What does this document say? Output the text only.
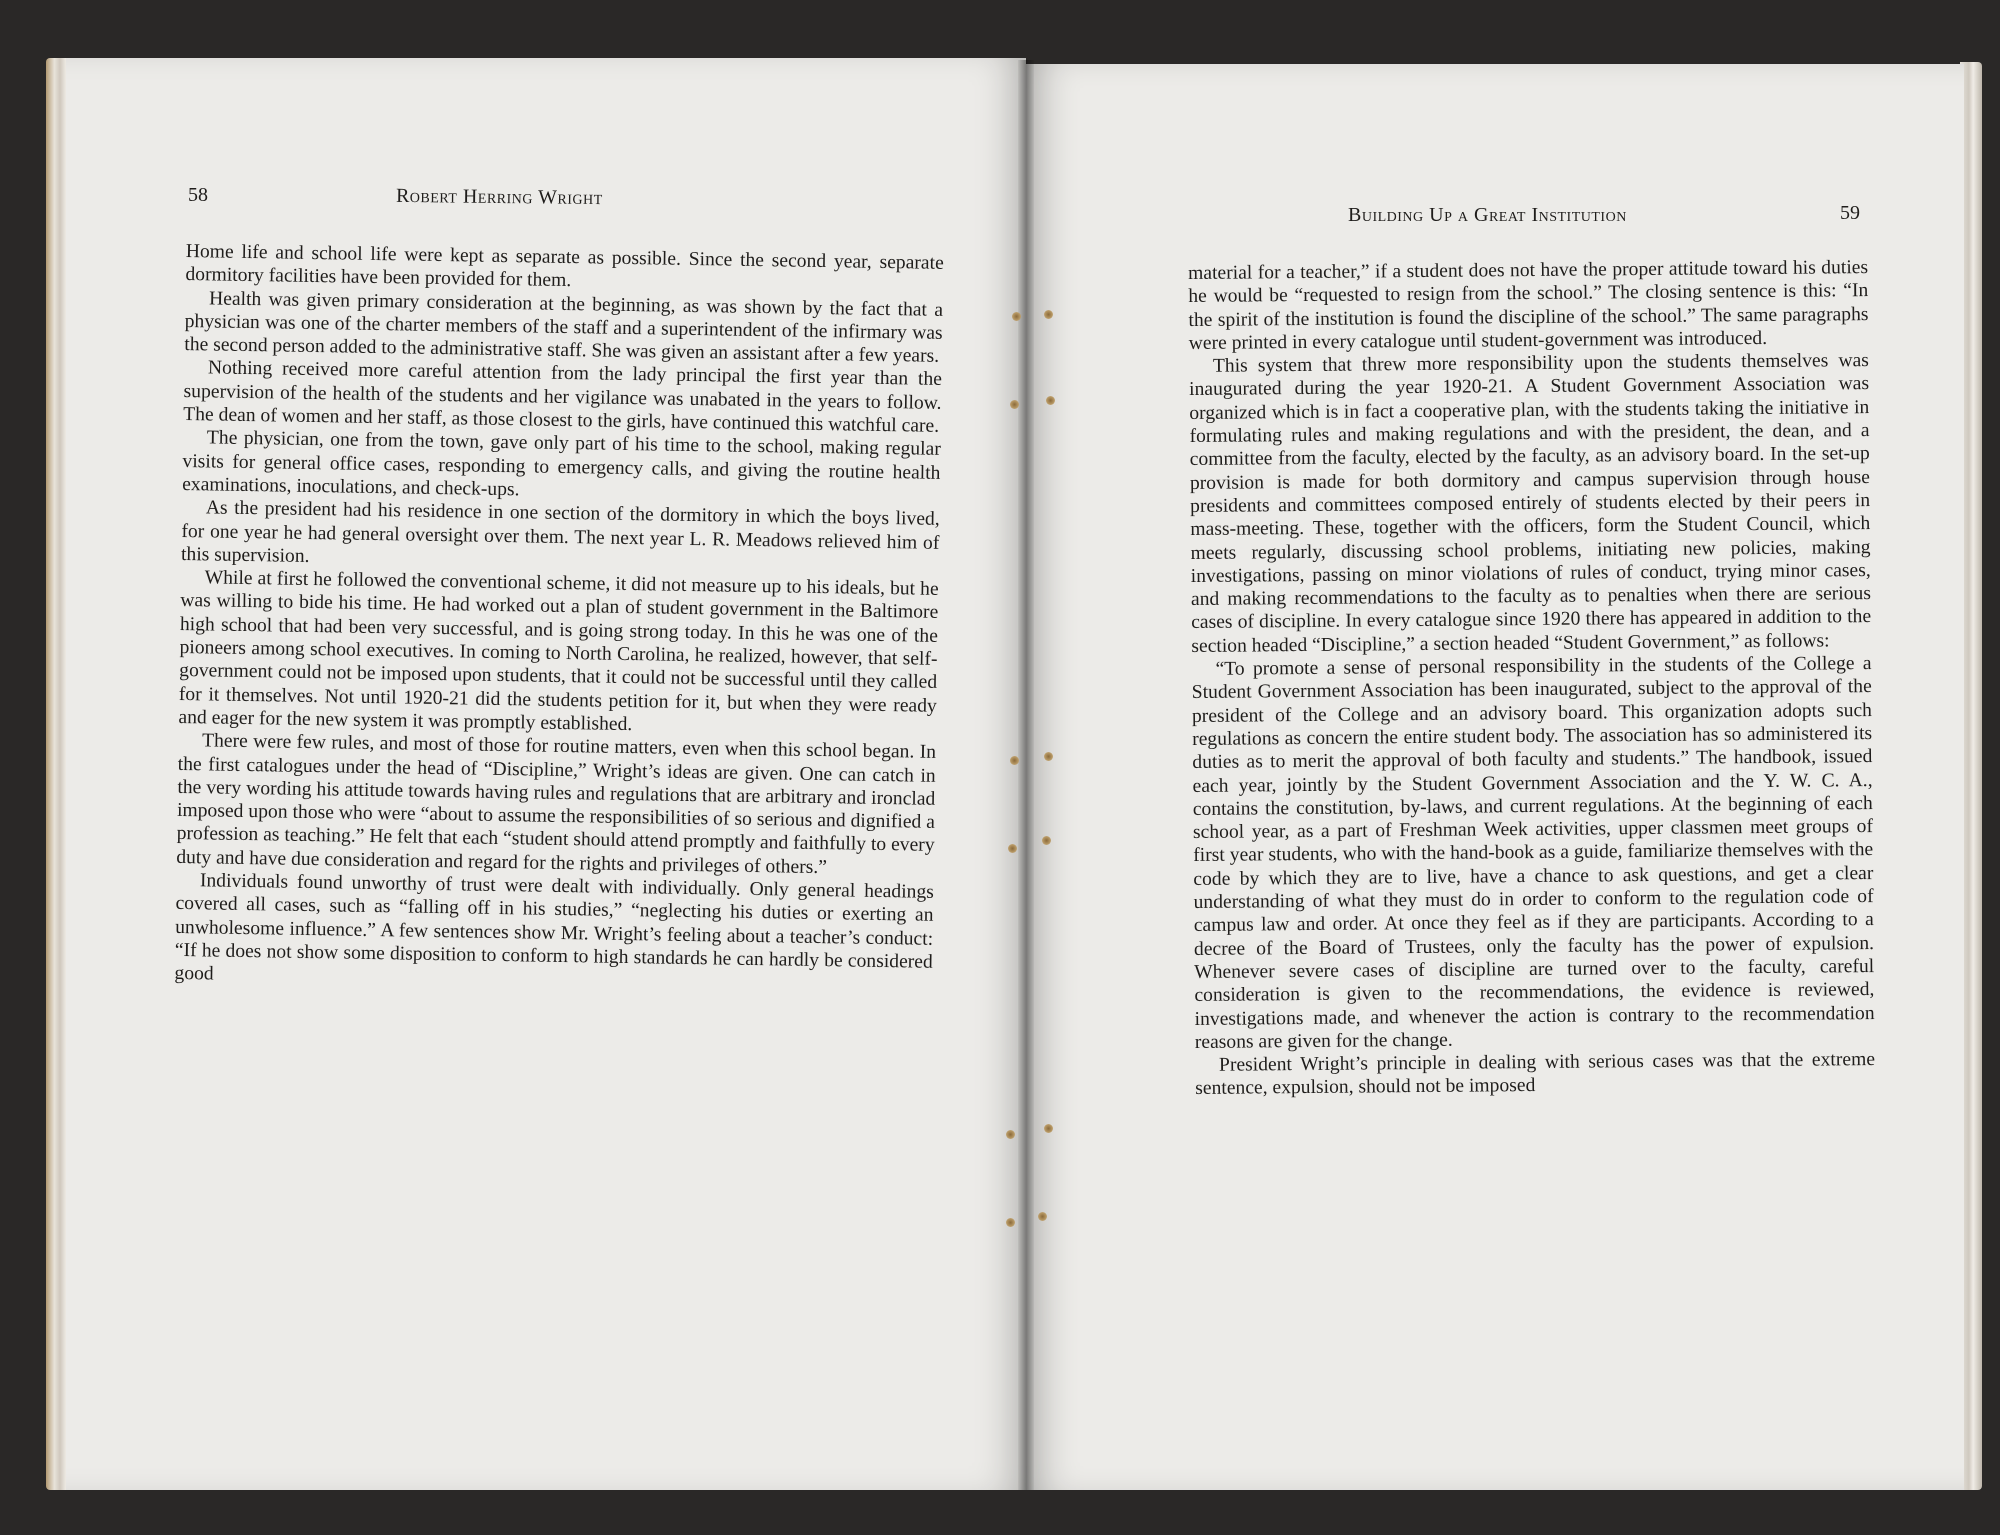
58	Robert Herring Wright
Building Up a Great Institution	59

Home life and school life were kept as separate as possible. Since the second year, separate dormitory facilities have been provided for them.

Health was given primary consideration at the beginning, as was shown by the fact that a physician was one of the charter members of the staff and a superintendent of the infirmary was the second person added to the administrative staff. She was given an assistant after a few years.

Nothing received more careful attention from the lady principal the first year than the supervision of the health of the students and her vigilance was unabated in the years to follow. The dean of women and her staff, as those closest to the girls, have continued this watchful care.

The physician, one from the town, gave only part of his time to the school, making regular visits for general office cases, responding to emergency calls, and giving the routine health examinations, inoculations, and check-ups.

As the president had his residence in one section of the dormitory in which the boys lived, for one year he had general oversight over them. The next year L. R. Meadows relieved him of this supervision.

While at first he followed the conventional scheme, it did not measure up to his ideals, but he was willing to bide his time. He had worked out a plan of student government in the Baltimore high school that had been very successful, and is going strong today. In this he was one of the pioneers among school executives. In coming to North Carolina, he realized, however, that self-government could not be imposed upon students, that it could not be successful until they called for it themselves. Not until 1920-21 did the students petition for it, but when they were ready and eager for the new system it was promptly established.

There were few rules, and most of those for routine matters, even when this school began. In the first catalogues under the head of “Discipline,” Wright’s ideas are given. One can catch in the very wording his attitude towards having rules and regulations that are arbitrary and ironclad imposed upon those who were “about to assume the responsibilities of so serious and dignified a profession as teaching.” He felt that each “student should attend promptly and faithfully to every duty and have due consideration and regard for the rights and privileges of others.”

Individuals found unworthy of trust were dealt with individually. Only general headings covered all cases, such as “falling off in his studies,” “neglecting his duties or exerting an unwholesome influence.” A few sentences show Mr. Wright’s feeling about a teacher’s conduct: “If he does not show some disposition to conform to high standards he can hardly be considered good

material for a teacher,” if a student does not have the proper attitude toward his duties he would be “requested to resign from the school.” The closing sentence is this: “In the spirit of the institution is found the discipline of the school.” The same paragraphs were printed in every catalogue until student-government was introduced.

This system that threw more responsibility upon the students themselves was inaugurated during the year 1920-21. A Student Government Association was organized which is in fact a cooperative plan, with the students taking the initiative in formulating rules and making regulations and with the president, the dean, and a committee from the faculty, elected by the faculty, as an advisory board. In the set-up provision is made for both dormitory and campus supervision through house presidents and committees composed entirely of students elected by their peers in mass-meeting. These, together with the officers, form the Student Council, which meets regularly, discussing school problems, initiating new policies, making investigations, passing on minor violations of rules of conduct, trying minor cases, and making recommendations to the faculty as to penalties when there are serious cases of discipline. In every catalogue since 1920 there has appeared in addition to the section headed “Discipline,” a section headed “Student Government,” as follows:

“To promote a sense of personal responsibility in the students of the College a Student Government Association has been inaugurated, subject to the approval of the president of the College and an advisory board. This organization adopts such regulations as concern the entire student body. The association has so administered its duties as to merit the approval of both faculty and students.” The handbook, issued each year, jointly by the Student Government Association and the Y. W. C. A., contains the constitution, by-laws, and current regulations. At the beginning of each school year, as a part of Freshman Week activities, upper classmen meet groups of first year students, who with the hand-book as a guide, familiarize themselves with the code by which they are to live, have a chance to ask questions, and get a clear understanding of what they must do in order to conform to the regulation code of campus law and order. At once they feel as if they are participants. According to a decree of the Board of Trustees, only the faculty has the power of expulsion. Whenever severe cases of discipline are turned over to the faculty, careful consideration is given to the recommendations, the evidence is reviewed, investigations made, and whenever the action is contrary to the recommendation reasons are given for the change.

President Wright’s principle in dealing with serious cases was that the extreme sentence, expulsion, should not be imposed
